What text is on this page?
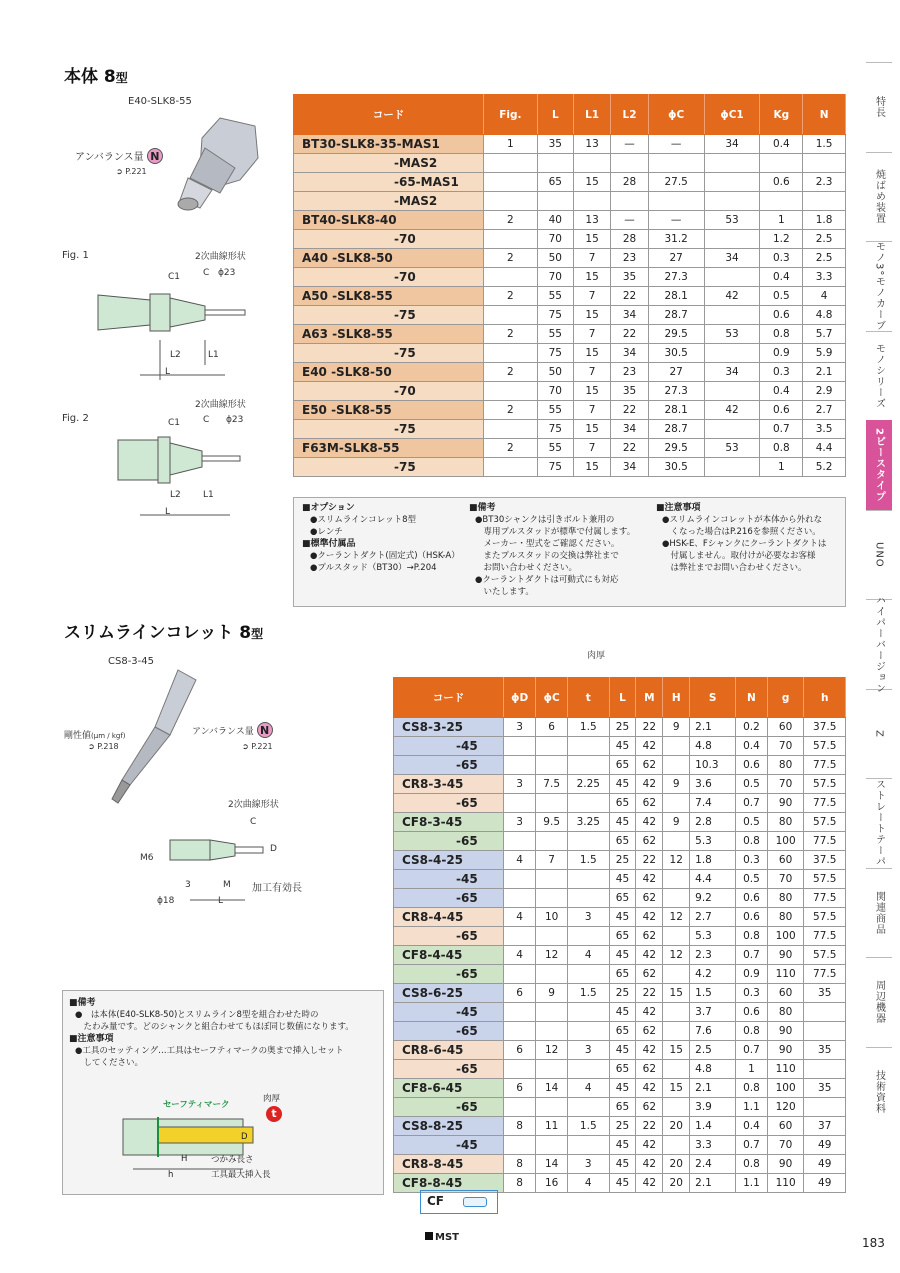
本体 8型
E40-SLK8-55
アンバランス量 N
➲ P.221
Fig. 1	2次曲線形状
C1	C ϕ23
L2	L1
L
Fig. 2
2次曲線形状
C1	C ϕ23
L2 L1
L
コード	Fig.	L	L1	L2	ϕC	ϕC1	Kg	N
BT30-SLK8-35-MAS1	1	35	13	—	—	34	0.4	1.5
-MAS2								
-65-MAS1		65	15	28	27.5		0.6	2.3
-MAS2								
BT40-SLK8-40	2	40	13	—	—	53	1	1.8
-70		70	15	28	31.2		1.2	2.5
A40 -SLK8-50	2	50	7	23	27	34	0.3	2.5
-70		70	15	35	27.3		0.4	3.3
A50 -SLK8-55	2	55	7	22	28.1	42	0.5	4
-75		75	15	34	28.7		0.6	4.8
A63 -SLK8-55	2	55	7	22	29.5	53	0.8	5.7
-75		75	15	34	30.5		0.9	5.9
E40 -SLK8-50	2	50	7	23	27	34	0.3	2.1
-70		70	15	35	27.3		0.4	2.9
E50 -SLK8-55	2	55	7	22	28.1	42	0.6	2.7
-75		75	15	34	28.7		0.7	3.5
F63M-SLK8-55	2	55	7	22	29.5	53	0.8	4.4
-75		75	15	34	30.5		1	5.2
■オプション
●スリムラインコレット8型
●レンチ
■標準付属品
●クーラントダクト(固定式)（HSK-A）
●プルスタッド（BT30）→P.204
■備考
●BT30シャンクは引きボルト兼用の
　専用プルスタッドが標準で付属します。
　メーカー・型式をご確認ください。
　またプルスタッドの交換は弊社まで
　お問い合わせください。
●クーラントダクトは可動式にも対応
　いたします。
■注意事項
●スリムラインコレットが本体から外れな
　くなった場合はP.216を参照ください。
●HSK-E、Fシャンクにクーラントダクトは
　付属しません。取付けが必要なお客様
　は弊社までお問い合わせください。
スリムラインコレット 8型
CS8-3-45
剛性値(μm / kgf)
➲ P.218
アンバランス量 N
➲ P.221
2次曲線形状
C
D
M6
3	M 加工有効長
ϕ18	L
肉厚
コード	ϕD	ϕC	t	L	M	H	S	N	g	h
CS8-3-25	3	6	1.5	25	22	9	2.1	0.2	60	37.5
-45				45	42		4.8	0.4	70	57.5
-65				65	62		10.3	0.6	80	77.5
CR8-3-45	3	7.5	2.25	45	42	9	3.6	0.5	70	57.5
-65				65	62		7.4	0.7	90	77.5
CF8-3-45	3	9.5	3.25	45	42	9	2.8	0.5	80	57.5
-65				65	62		5.3	0.8	100	77.5
CS8-4-25	4	7	1.5	25	22	12	1.8	0.3	60	37.5
-45				45	42		4.4	0.5	70	57.5
-65				65	62		9.2	0.6	80	77.5
CR8-4-45	4	10	3	45	42	12	2.7	0.6	80	57.5
-65				65	62		5.3	0.8	100	77.5
CF8-4-45	4	12	4	45	42	12	2.3	0.7	90	57.5
-65				65	62		4.2	0.9	110	77.5
CS8-6-25	6	9	1.5	25	22	15	1.5	0.3	60	35
-45				45	42		3.7	0.6	80	
-65				65	62		7.6	0.8	90	
CR8-6-45	6	12	3	45	42	15	2.5	0.7	90	35
-65				65	62		4.8	1	110	
CF8-6-45	6	14	4	45	42	15	2.1	0.8	100	35
-65				65	62		3.9	1.1	120	
CS8-8-25	8	11	1.5	25	22	20	1.4	0.4	60	37
-45				45	42		3.3	0.7	70	49
CR8-8-45	8	14	3	45	42	20	2.4	0.8	90	49
CF8-8-45	8	16	4	45	42	20	2.1	1.1	110	49
■備考
●　は本体(E40-SLK8-50)とスリムライン8型を組合わせた時の
　たわみ量です。どのシャンクと組合わせてもほぼ同じ数値になります。
■注意事項
●工具のセッティング…工具はセーフティマークの奥まで挿入しセット
　してください。
セーフティマーク
肉厚
t
D
H	つかみ長さ
h	工具最大挿入長
CF
MST	183
特長
焼ばめ装置
モノ3°モノカーブ
モノシリーズ
2ピースタイプ
UNO
ハイパーバージョン
Z
ストレートテーパ
関連商品
周辺機器
技術資料
